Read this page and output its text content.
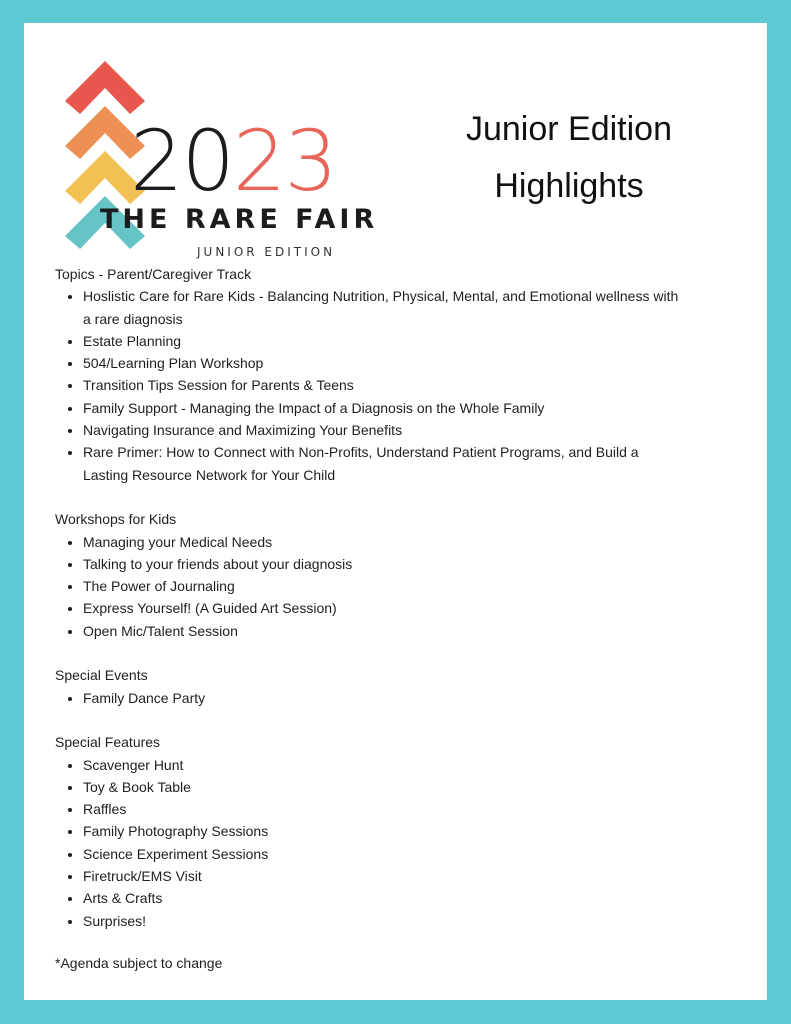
2023
THE RARE FAIR
JUNIOR EDITION
Junior Edition
Highlights

Topics - Parent/Caregiver Track

• Hoslistic Care for Rare Kids - Balancing Nutrition, Physical, Mental, and Emotional wellness with a rare diagnosis
• Estate Planning
• 504/Learning Plan Workshop
• Transition Tips Session for Parents & Teens
• Family Support - Managing the Impact of a Diagnosis on the Whole Family
• Navigating Insurance and Maximizing Your Benefits
• Rare Primer: How to Connect with Non-Profits, Understand Patient Programs, and Build a Lasting Resource Network for Your Child

Workshops for Kids

• Managing your Medical Needs
• Talking to your friends about your diagnosis
• The Power of Journaling
• Express Yourself! (A Guided Art Session)
• Open Mic/Talent Session

Special Events

• Family Dance Party

Special Features

• Scavenger Hunt
• Toy & Book Table
• Raffles
• Family Photography Sessions
• Science Experiment Sessions
• Firetruck/EMS Visit
• Arts & Crafts
• Surprises!
*Agenda subject to change
